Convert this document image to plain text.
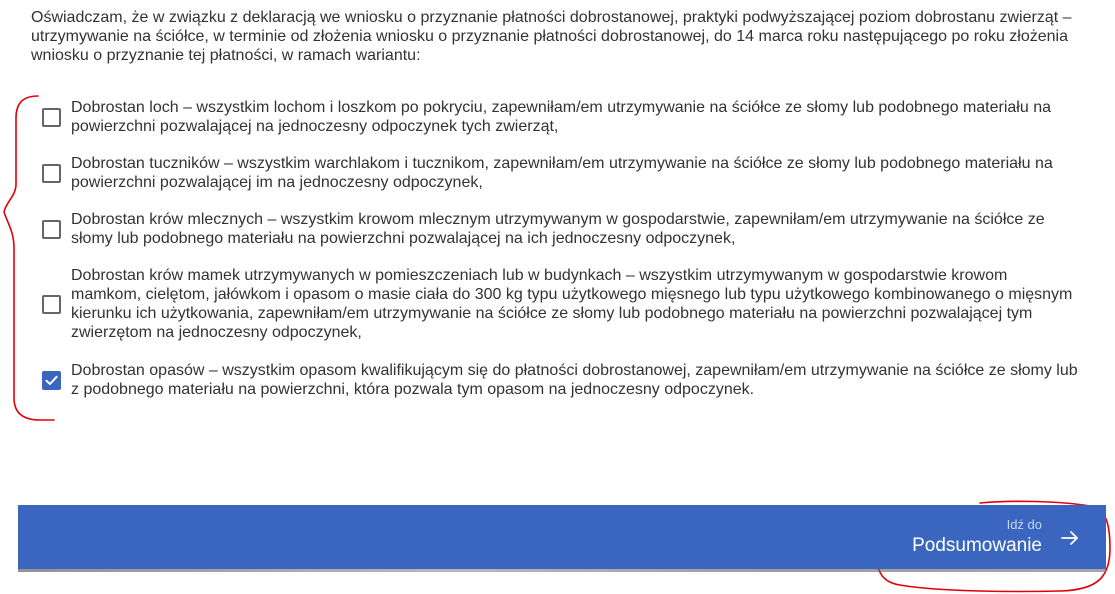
Oświadczam, że w związku z deklaracją we wniosku o przyznanie płatności dobrostanowej, praktyki podwyższającej poziom dobrostanu zwierząt – utrzymywanie na ściółce, w terminie od złożenia wniosku o przyznanie płatności dobrostanowej, do 14 marca roku następującego po roku złożenia wniosku o przyznanie tej płatności, w ramach wariantu:

Dobrostan loch – wszystkim lochom i loszkom po pokryciu, zapewniłam/em utrzymywanie na ściółce ze słomy lub podobnego materiału na powierzchni pozwalającej na jednoczesny odpoczynek tych zwierząt,
Dobrostan tuczników – wszystkim warchlakom i tucznikom, zapewniłam/em utrzymywanie na ściółce ze słomy lub podobnego materiału na powierzchni pozwalającej im na jednoczesny odpoczynek,
Dobrostan krów mlecznych – wszystkim krowom mlecznym utrzymywanym w gospodarstwie, zapewniłam/em utrzymywanie na ściółce ze słomy lub podobnego materiału na powierzchni pozwalającej na ich jednoczesny odpoczynek,
Dobrostan krów mamek utrzymywanych w pomieszczeniach lub w budynkach – wszystkim utrzymywanym w gospodarstwie krowom mamkom, cielętom, jałówkom i opasom o masie ciała do 300 kg typu użytkowego mięsnego lub typu użytkowego kombinowanego o mięsnym kierunku ich użytkowania, zapewniłam/em utrzymywanie na ściółce ze słomy lub podobnego materiału na powierzchni pozwalającej tym zwierzętom na jednoczesny odpoczynek,
Dobrostan opasów – wszystkim opasom kwalifikującym się do płatności dobrostanowej, zapewniłam/em utrzymywanie na ściółce ze słomy lub z podobnego materiału na powierzchni, która pozwala tym opasom na jednoczesny odpoczynek.
Idź do
Podsumowanie
